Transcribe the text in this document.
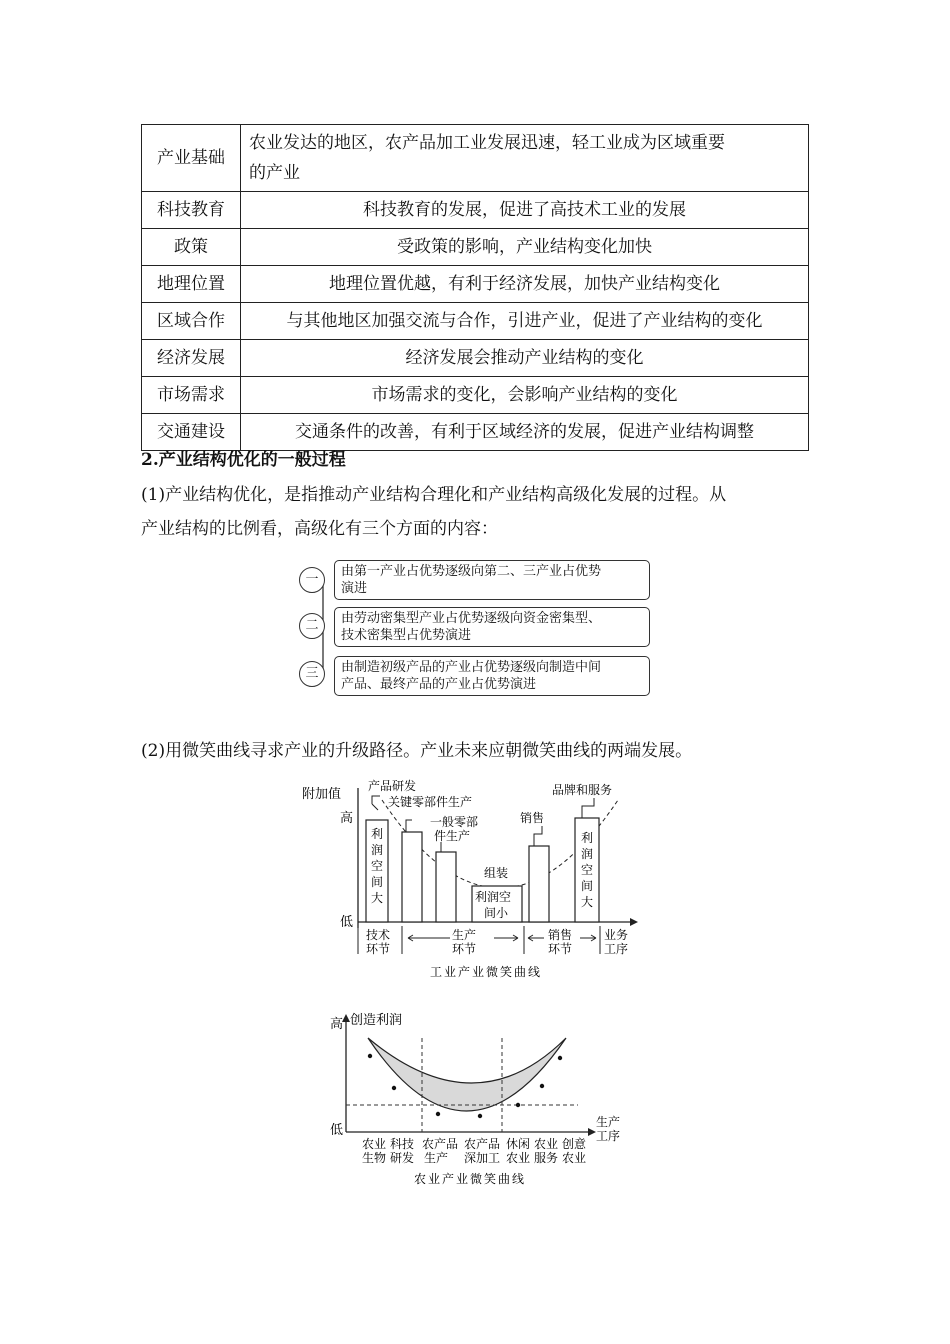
产业基础	农业发达的地区，农产品加工业发展迅速，轻工业成为区域重要
的产业
科技教育	科技教育的发展，促进了高技术工业的发展
政策	受政策的影响，产业结构变化加快
地理位置	地理位置优越，有利于经济发展，加快产业结构变化
区域合作	与其他地区加强交流与合作，引进产业，促进了产业结构的变化
经济发展	经济发展会推动产业结构的变化
市场需求	市场需求的变化，会影响产业结构的变化
交通建设	交通条件的改善，有利于区域经济的发展，促进产业结构调整
2.产业结构优化的一般过程
(1)产业结构优化，是指推动产业结构合理化和产业结构高级化发展的过程。从
产业结构的比例看，高级化有三个方面的内容：
一
二
三
由第一产业占优势逐级向第二、三产业占优势
演进
由劳动密集型产业占优势逐级向资金密集型、
技术密集型占优势演进
由制造初级产品的产业占优势逐级向制造中间
产品、最终产品的产业占优势演进
(2)用微笑曲线寻求产业的升级路径。产业未来应朝微笑曲线的两端发展。
附加值
高
低
业务
工序
利
润
空
间
大
利
润
空
间
大
利润空
间小
产品研发
关键零部件生产
一般零部
件生产
组装
销售
品牌和服务
技术
环节
生产
环节
销售
环节
工业产业微笑曲线
高 创造利润
低
生产
工序
农业
生物
科技
研发
农产品
生产
农产品
深加工
休闲
农业
农业
服务
创意
农业
农业产业微笑曲线
